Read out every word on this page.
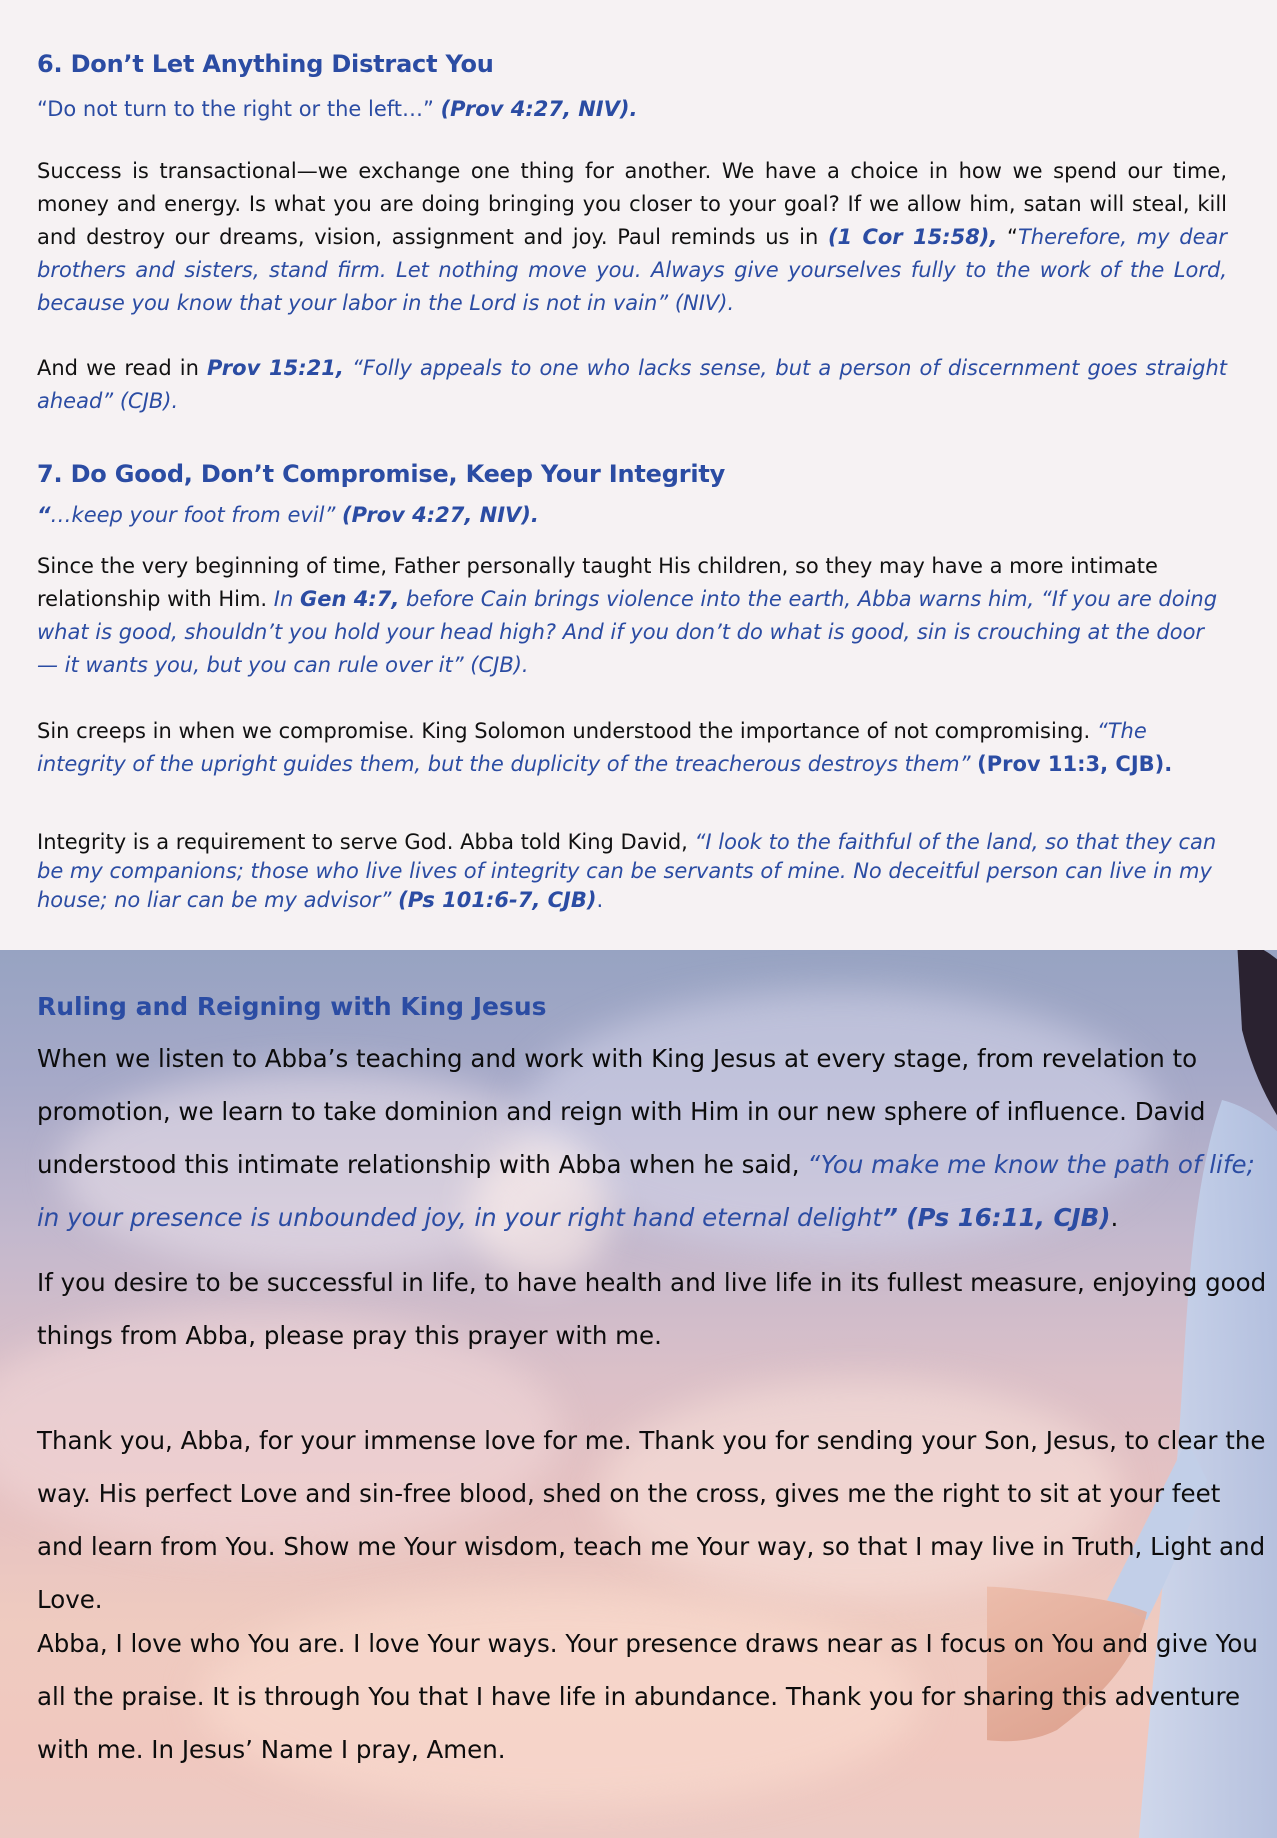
6. Don’t Let Anything Distract You
“Do not turn to the right or the left…” (Prov 4:27, NIV).

Success is transactional—we exchange one thing for another. We have a choice in how we spend our time, money and energy. Is what you are doing bringing you closer to your goal? If we allow him, satan will steal, kill and destroy our dreams, vision, assignment and joy. Paul reminds us in (1 Cor 15:58), “Therefore, my dear brothers and sisters, stand firm. Let nothing move you. Always give yourselves fully to the work of the Lord, because you know that your labor in the Lord is not in vain” (NIV).

And we read in Prov 15:21, “Folly appeals to one who lacks sense, but a person of discernment goes straight ahead” (CJB).

7. Do Good, Don’t Compromise, Keep Your Integrity
“…keep your foot from evil” (Prov 4:27, NIV).

Since the very beginning of time, Father personally taught His children, so they may have a more intimate relationship with Him. In Gen 4:7, before Cain brings violence into the earth, Abba warns him, “If you are doing what is good, shouldn’t you hold your head high? And if you don’t do what is good, sin is crouching at the door — it wants you, but you can rule over it” (CJB).

Sin creeps in when we compromise. King Solomon understood the importance of not compromising. “The integrity of the upright guides them, but the duplicity of the treacherous destroys them” (Prov 11:3, CJB).

Integrity is a requirement to serve God. Abba told King David, “I look to the faithful of the land, so that they can be my companions; those who live lives of integrity can be servants of mine. No deceitful person can live in my house; no liar can be my advisor” (Ps 101:6-7, CJB).

Ruling and Reigning with King Jesus

When we listen to Abba’s teaching and work with King Jesus at every stage, from revelation to promotion, we learn to take dominion and reign with Him in our new sphere of influence. David understood this intimate relationship with Abba when he said, “You make me know the path of life; in your presence is unbounded joy, in your right hand eternal delight” (Ps 16:11, CJB).

If you desire to be successful in life, to have health and live life in its fullest measure, enjoying good things from Abba, please pray this prayer with me.

Thank you, Abba, for your immense love for me. Thank you for sending your Son, Jesus, to clear the way. His perfect Love and sin-free blood, shed on the cross, gives me the right to sit at your feet and learn from You. Show me Your wisdom, teach me Your way, so that I may live in Truth, Light and Love.

Abba, I love who You are. I love Your ways. Your presence draws near as I focus on You and give You all the praise. It is through You that I have life in abundance. Thank you for sharing this adventure with me. In Jesus’ Name I pray, Amen.
